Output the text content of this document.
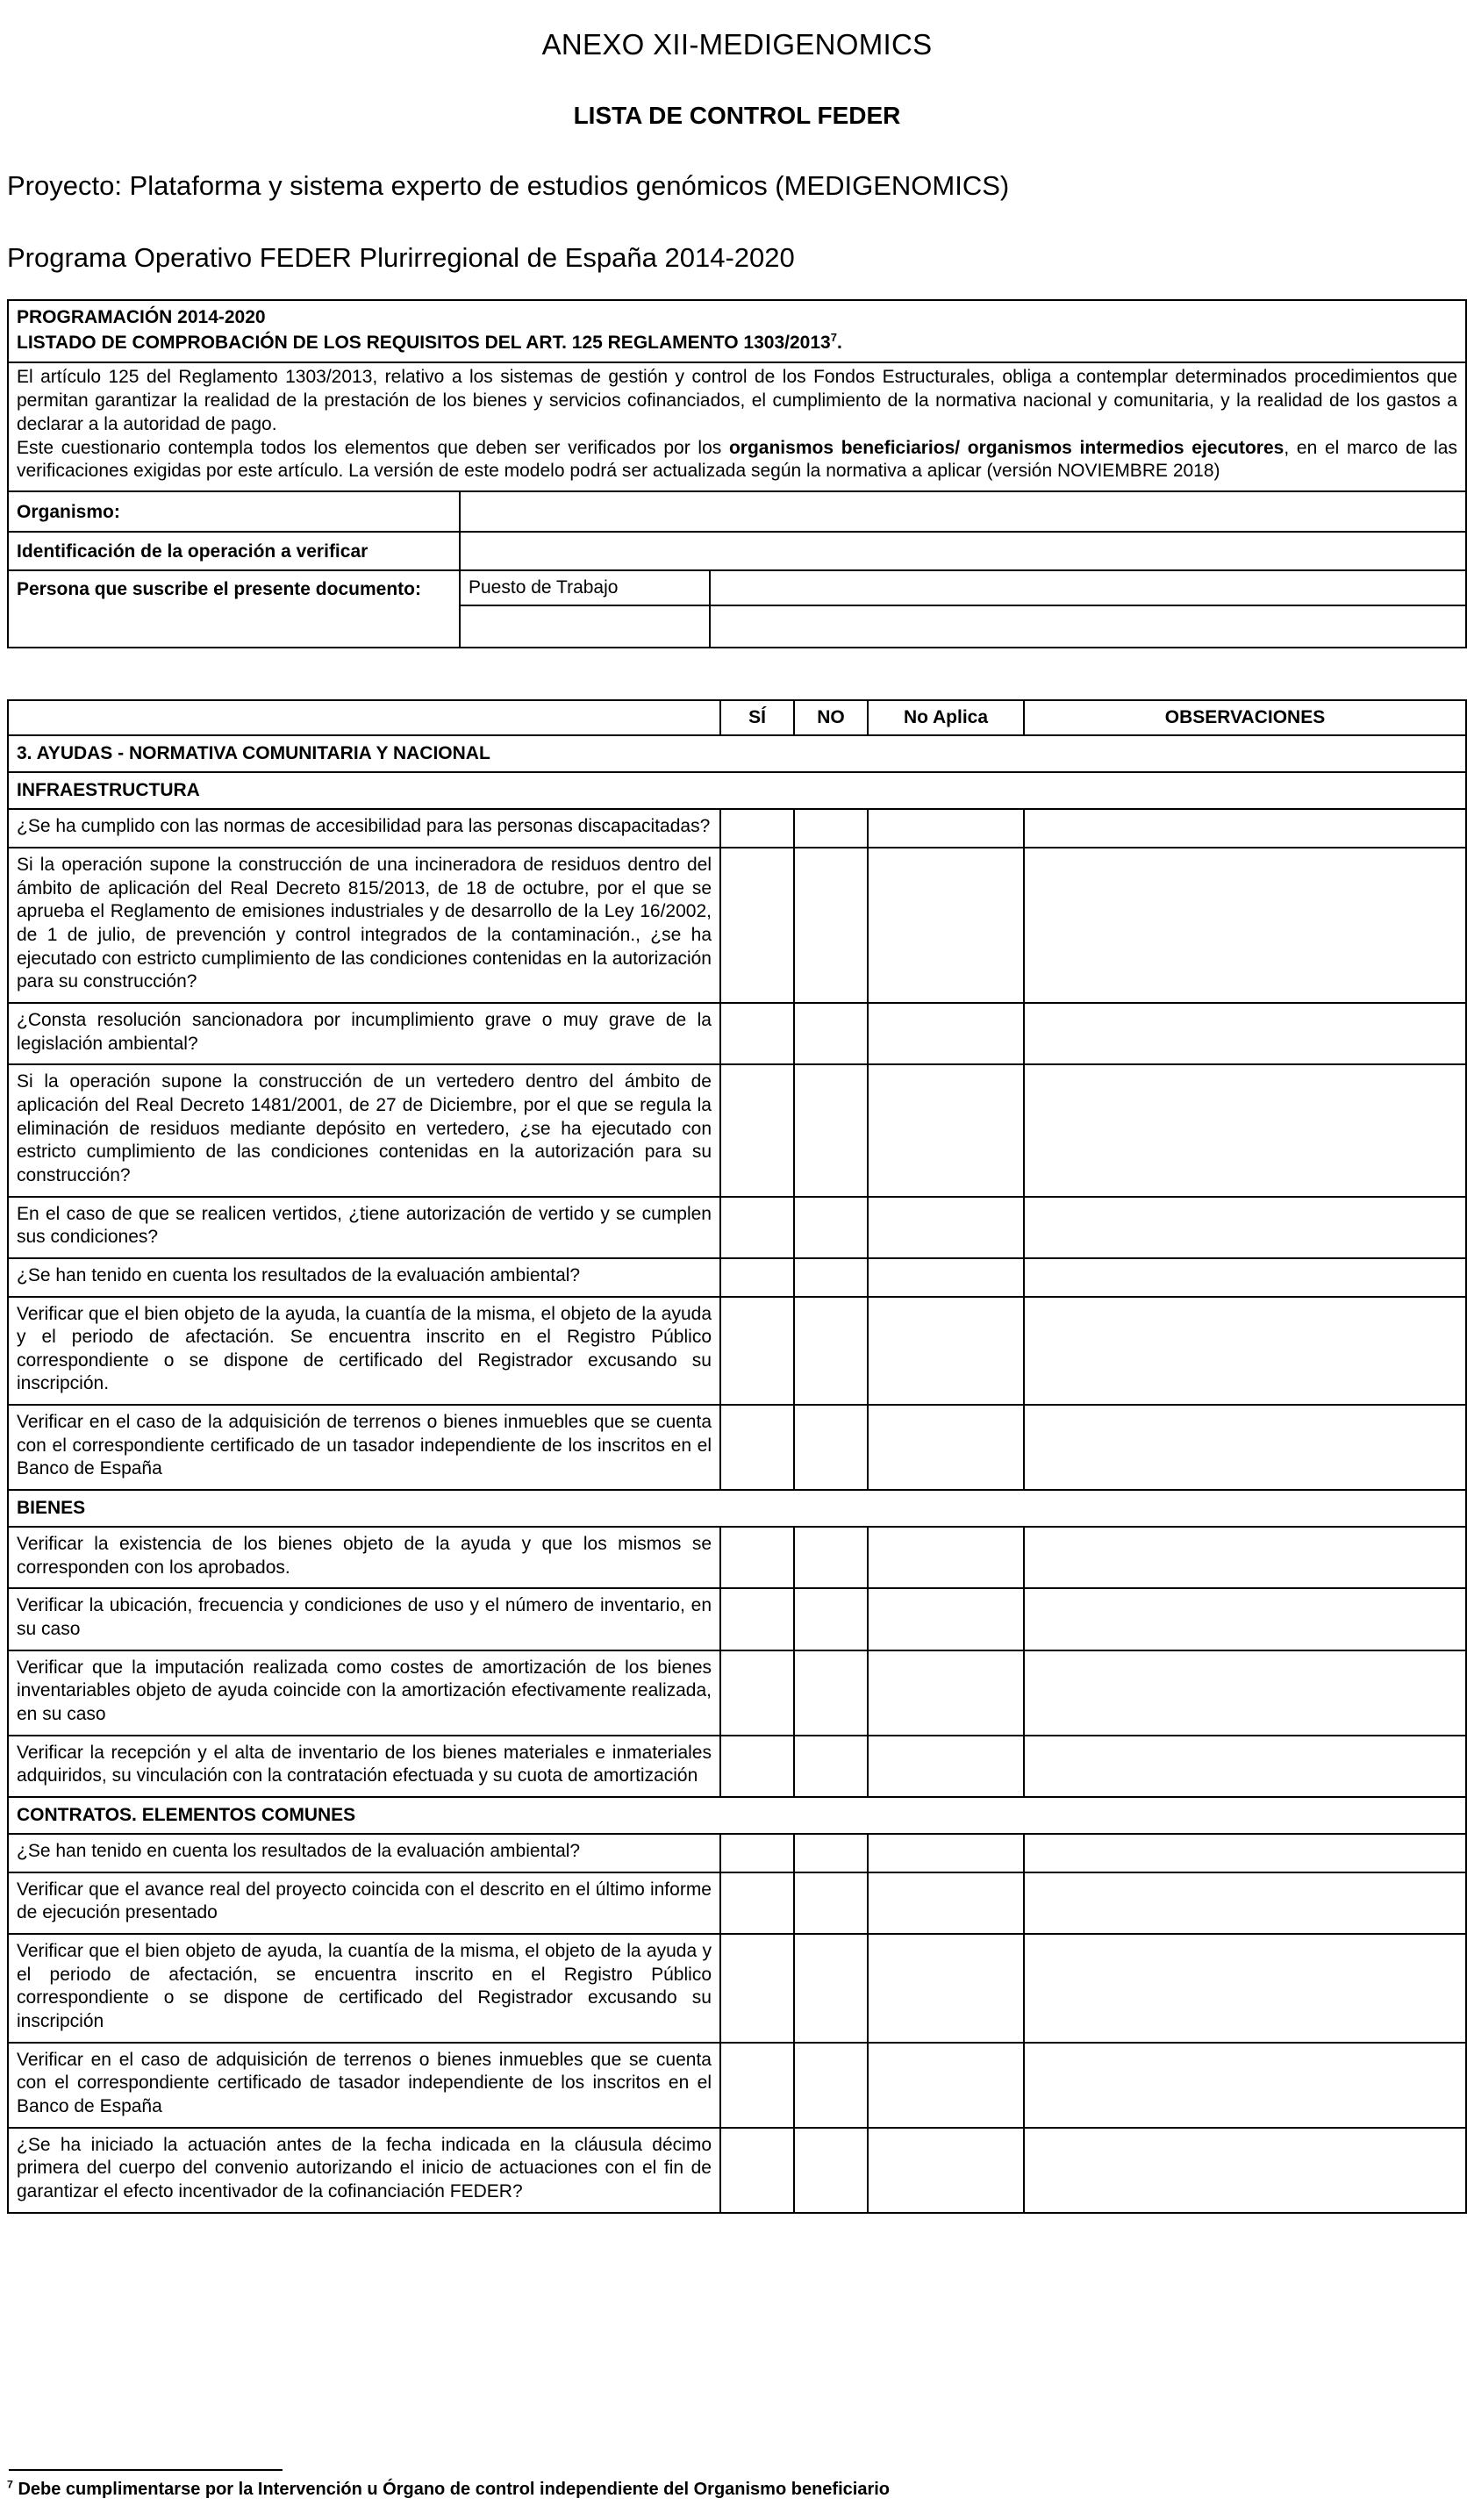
ANEXO XII-MEDIGENOMICS
LISTA DE CONTROL FEDER

Proyecto: Plataforma y sistema experto de estudios genómicos (MEDIGENOMICS)

Programa Operativo FEDER Plurirregional de España 2014-2020

PROGRAMACIÓN 2014-2020
LISTADO DE COMPROBACIÓN DE LOS REQUISITOS DEL ART. 125 REGLAMENTO 1303/2013$^7$.		

El artículo 125 del Reglamento 1303/2013, relativo a los sistemas de gestión y control de los Fondos Estructurales, obliga a contemplar determinados procedimientos que permitan garantizar la realidad de la prestación de los bienes y servicios cofinanciados, el cumplimiento de la normativa nacional y comunitaria, y la realidad de los gastos a declarar a la autoridad de pago.
Este cuestionario contempla todos los elementos que deben ser verificados por los organismos beneficiarios/ organismos intermedios ejecutores, en el marco de las verificaciones exigidas por este artículo. La versión de este modelo podrá ser actualizada según la normativa a aplicar (versión NOVIEMBRE 2018)		

Organismo:		
Identificación de la operación a verificar		
Persona que suscribe el presente documento:	Puesto de Trabajo	

	SÍ	NO	No Aplica	OBSERVACIONES
3. AYUDAS - NORMATIVA COMUNITARIA Y NACIONAL				
INFRAESTRUCTURA				
¿Se ha cumplido con las normas de accesibilidad para las personas discapacitadas?				
Si la operación supone la construcción de una incineradora de residuos dentro del ámbito de aplicación del Real Decreto 815/2013, de 18 de octubre, por el que se aprueba el Reglamento de emisiones industriales y de desarrollo de la Ley 16/2002, de 1 de julio, de prevención y control integrados de la contaminación., ¿se ha ejecutado con estricto cumplimiento de las condiciones contenidas en la autorización para su construcción?				
¿Consta resolución sancionadora por incumplimiento grave o muy grave de la legislación ambiental?				
Si la operación supone la construcción de un vertedero dentro del ámbito de aplicación del Real Decreto 1481/2001, de 27 de Diciembre, por el que se regula la eliminación de residuos mediante depósito en vertedero, ¿se ha ejecutado con estricto cumplimiento de las condiciones contenidas en la autorización para su construcción?				
En el caso de que se realicen vertidos, ¿tiene autorización de vertido y se cumplen sus condiciones?				
¿Se han tenido en cuenta los resultados de la evaluación ambiental?				
Verificar que el bien objeto de la ayuda, la cuantía de la misma, el objeto de la ayuda y el periodo de afectación. Se encuentra inscrito en el Registro Público correspondiente o se dispone de certificado del Registrador excusando su inscripción.				
Verificar en el caso de la adquisición de terrenos o bienes inmuebles que se cuenta con el correspondiente certificado de un tasador independiente de los inscritos en el Banco de España				
BIENES				
Verificar la existencia de los bienes objeto de la ayuda y que los mismos se corresponden con los aprobados.				
Verificar la ubicación, frecuencia y condiciones de uso y el número de inventario, en su caso				
Verificar que la imputación realizada como costes de amortización de los bienes inventariables objeto de ayuda coincide con la amortización efectivamente realizada, en su caso				
Verificar la recepción y el alta de inventario de los bienes materiales e inmateriales adquiridos, su vinculación con la contratación efectuada y su cuota de amortización				
CONTRATOS. ELEMENTOS COMUNES				
¿Se han tenido en cuenta los resultados de la evaluación ambiental?				
Verificar que el avance real del proyecto coincida con el descrito en el último informe de ejecución presentado				
Verificar que el bien objeto de ayuda, la cuantía de la misma, el objeto de la ayuda y el periodo de afectación, se encuentra inscrito en el Registro Público correspondiente o se dispone de certificado del Registrador excusando su inscripción				
Verificar en el caso de adquisición de terrenos o bienes inmuebles que se cuenta con el correspondiente certificado de tasador independiente de los inscritos en el Banco de España				
¿Se ha iniciado la actuación antes de la fecha indicada en la cláusula décimo primera del cuerpo del convenio autorizando el inicio de actuaciones con el fin de garantizar el efecto incentivador de la cofinanciación FEDER?				

$^7$ Debe cumplimentarse por la Intervención u Órgano de control independiente del Organismo beneficiario
